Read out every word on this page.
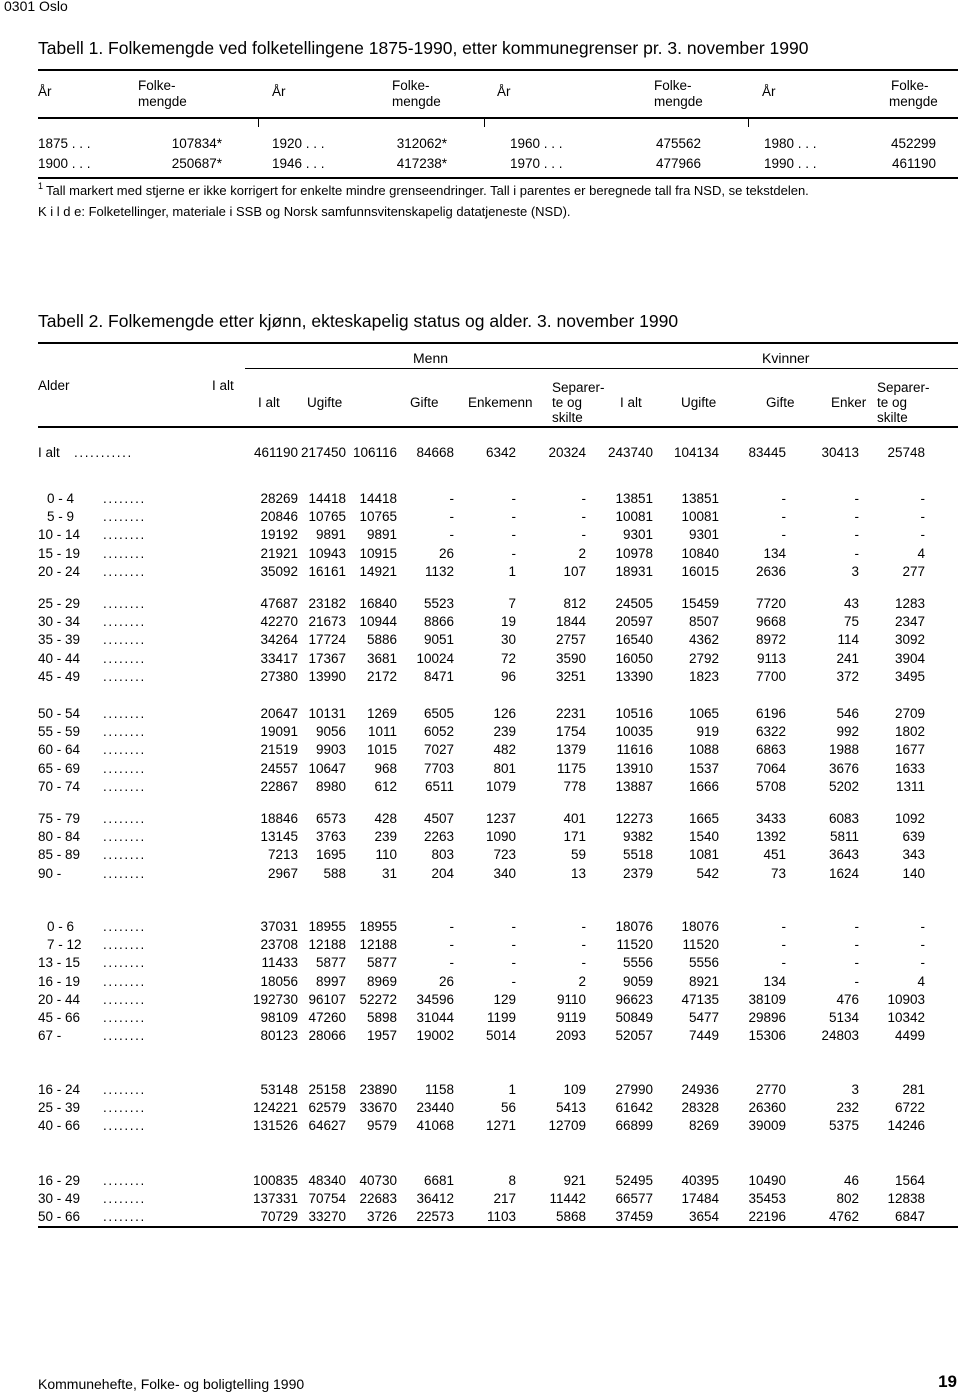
0301 Oslo
Tabell 1. Folkemengde ved folketellingene 1875-1990, etter kommunegrenser pr. 3. november 1990
År	Folke-
mengde
År	Folke-
mengde
År	Folke-
mengde
År	Folke-
mengde
1875 . . .	107834*	1920 . . .	312062*	1960 . . .	475562	1980 . . .	452299
1900 . . .	250687*	1946 . . .	417238*	1970 . . .	477966	1990 . . .	461190
1 Tall markert med stjerne er ikke korrigert for enkelte mindre grenseendringer. Tall i parentes er beregnede tall fra NSD, se tekstdelen.
K i l d e: Folketellinger, materiale i SSB og Norsk samfunnsvitenskapelig datatjeneste (NSD).
Tabell 2. Folkemengde etter kjønn, ekteskapelig status og alder. 3. november 1990
Menn	Kvinner
Alder	I alt
I alt Ugifte	Gifte Enkemenn
Separer-
te og
skilte
I alt	Ugifte	Gifte	Enker
Separer-
te og
skilte
I alt ...........	461190 217450 106116 84668 6342 20324 243740 104134 83445	30413 25748
0 - 4	........	28269 14418 14418	-	-	- 13851 13851	-	-	-
5 - 9	........	20846 10765 10765	-	-	- 10081 10081	-	-	-
10 - 14	........	19192 9891 9891	-	-	-	9301	9301	-	-	-
15 - 19	........	21921 10943 10915	26	-	2 10978 10840	134	-	4
20 - 24	........	35092 16161 14921 1132	1	107 18931 16015	2636	3	277
25 - 29	........	47687 23182 16840 5523	7	812 24505 15459	7720	43	1283
30 - 34	........	42270 21673 10944 8866	19	1844 20597	8507	9668	75	2347
35 - 39	........	34264 17724 5886 9051	30	2757 16540	4362	8972	114	3092
40 - 44	........	33417 17367 3681 10024	72	3590 16050	2792	9113	241	3904
45 - 49	........	27380 13990 2172 8471	96	3251 13390	1823	7700	372	3495
50 - 54	........	20647 10131 1269 6505	126	2231 10516	1065	6196	546	2709
55 - 59	........	19091 9056 1011 6052	239	1754 10035	919	6322	992	1802
60 - 64	........	21519 9903 1015 7027	482	1379 11616	1088	6863	1988	1677
65 - 69	........	24557 10647 968 7703	801	1175 13910	1537	7064	3676	1633
70 - 74	........	22867 8980 612 6511 1079	778 13887	1666	5708	5202	1311
75 - 79	........	18846 6573 428 4507 1237	401 12273	1665	3433	6083	1092
80 - 84	........	13145 3763 239 2263 1090	171	9382	1540	1392	5811	639
85 - 89	........	7213 1695 110	803	723	59	5518	1081	451	3643	343
90 -	........	2967 588	31	204	340	13	2379	542	73	1624	140
0 - 6	........	37031 18955 18955	-	-	- 18076 18076	-	-	-
7 - 12	........	23708 12188 12188	-	-	- 11520 11520	-	-	-
13 - 15	........	11433 5877 5877	-	-	-	5556	5556	-	-	-
16 - 19	........	18056 8997 8969	26	-	2	9059	8921	134	-	4
20 - 44	........	192730 96107 52272 34596	129	9110 96623 47135 38109	476 10903
45 - 66	........	98109 47260 5898 31044 1199	9119 50849	5477 29896	5134 10342
67 -	........	80123 28066 1957 19002 5014	2093 52057	7449 15306	24803	4499
16 - 24	........	53148 25158 23890 1158	1	109 27990 24936	2770	3	281
25 - 39	........	124221 62579 33670 23440	56	5413 61642 28328 26360	232	6722
40 - 66	........	131526 64627 9579 41068 1271 12709 66899	8269 39009	5375 14246
16 - 29	........	100835 48340 40730 6681	8	921 52495 40395 10490	46	1564
30 - 49	........	137331 70754 22683 36412	217 11442 66577 17484 35453	802 12838
50 - 66	........	70729 33270 3726 22573 1103	5868 37459	3654 22196	4762	6847
Kommunehefte, Folke- og boligtelling 1990	19
